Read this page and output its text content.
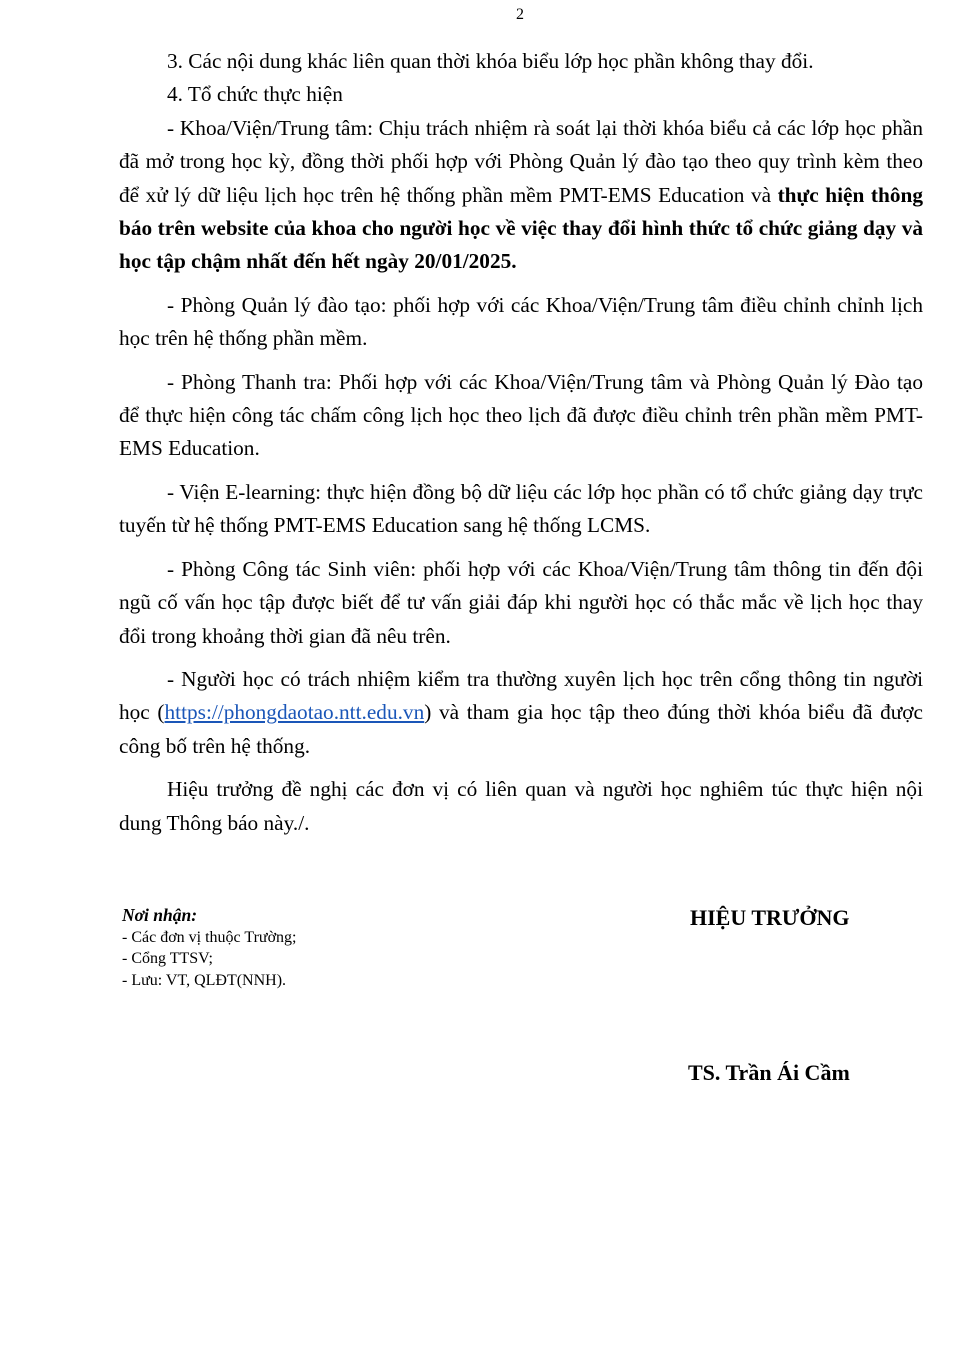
2

3. Các nội dung khác liên quan thời khóa biểu lớp học phần không thay đổi.

4. Tổ chức thực hiện

- Khoa/Viện/Trung tâm: Chịu trách nhiệm rà soát lại thời khóa biểu cả các lớp học phần đã mở trong học kỳ, đồng thời phối hợp với Phòng Quản lý đào tạo theo quy trình kèm theo để xử lý dữ liệu lịch học trên hệ thống phần mềm PMT-EMS Education và thực hiện thông báo trên website của khoa cho người học về việc thay đổi hình thức tổ chức giảng dạy và học tập chậm nhất đến hết ngày 20/01/2025.

- Phòng Quản lý đào tạo: phối hợp với các Khoa/Viện/Trung tâm điều chỉnh chỉnh lịch học trên hệ thống phần mềm.

- Phòng Thanh tra: Phối hợp với các Khoa/Viện/Trung tâm và Phòng Quản lý Đào tạo để thực hiện công tác chấm công lịch học theo lịch đã được điều chỉnh trên phần mềm PMT-EMS Education.

- Viện E-learning: thực hiện đồng bộ dữ liệu các lớp học phần có tổ chức giảng dạy trực tuyến từ hệ thống PMT-EMS Education sang hệ thống LCMS.

- Phòng Công tác Sinh viên: phối hợp với các Khoa/Viện/Trung tâm thông tin đến đội ngũ cố vấn học tập được biết để tư vấn giải đáp khi người học có thắc mắc về lịch học thay đổi trong khoảng thời gian đã nêu trên.

- Người học có trách nhiệm kiểm tra thường xuyên lịch học trên cổng thông tin người học (https://phongdaotao.ntt.edu.vn) và tham gia học tập theo đúng thời khóa biểu đã được công bố trên hệ thống.

Hiệu trưởng đề nghị các đơn vị có liên quan và người học nghiêm túc thực hiện nội dung Thông báo này./.

Nơi nhận:
- Các đơn vị thuộc Trường;
- Cổng TTSV;
- Lưu: VT, QLĐT(NNH).
HIỆU TRƯỞNG
TS. Trần Ái Cầm
